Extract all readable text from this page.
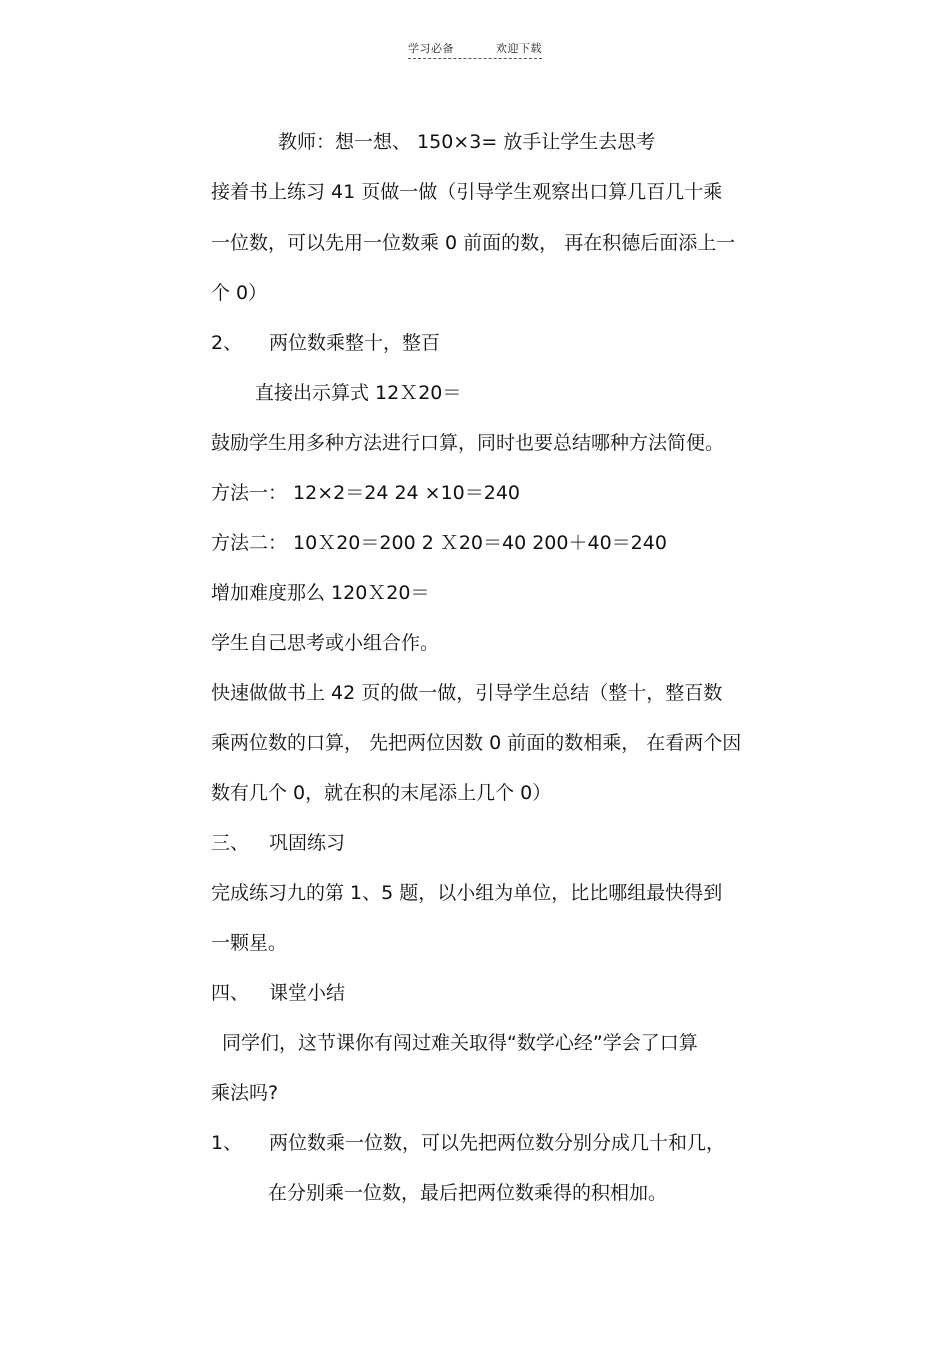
学习必备	欢迎下载

教师：想一想、 150×3= 放手让学生去思考

接着书上练习 41 页做一做（引导学生观察出口算几百几十乘

一位数，可以先用一位数乘 0 前面的数， 再在积德后面添上一

个 0）

2、 两位数乘整十，整百

直接出示算式 12Ｘ20＝

鼓励学生用多种方法进行口算，同时也要总结哪种方法简便。

方法一： 12×2＝24 24 ×10＝240

方法二： 10Ｘ20＝200 2 Ｘ20＝40 200＋40＝240

增加难度那么 120Ｘ20＝

学生自己思考或小组合作。

快速做做书上 42 页的做一做，引导学生总结（整十，整百数

乘两位数的口算， 先把两位因数 0 前面的数相乘， 在看两个因

数有几个 0，就在积的末尾添上几个 0）

三、 巩固练习

完成练习九的第 1、5 题，以小组为单位，比比哪组最快得到

一颗星。

四、 课堂小结

同学们，这节课你有闯过难关取得“数学心经”学会了口算

乘法吗?

1、 两位数乘一位数，可以先把两位数分别分成几十和几，

在分别乘一位数，最后把两位数乘得的积相加。
